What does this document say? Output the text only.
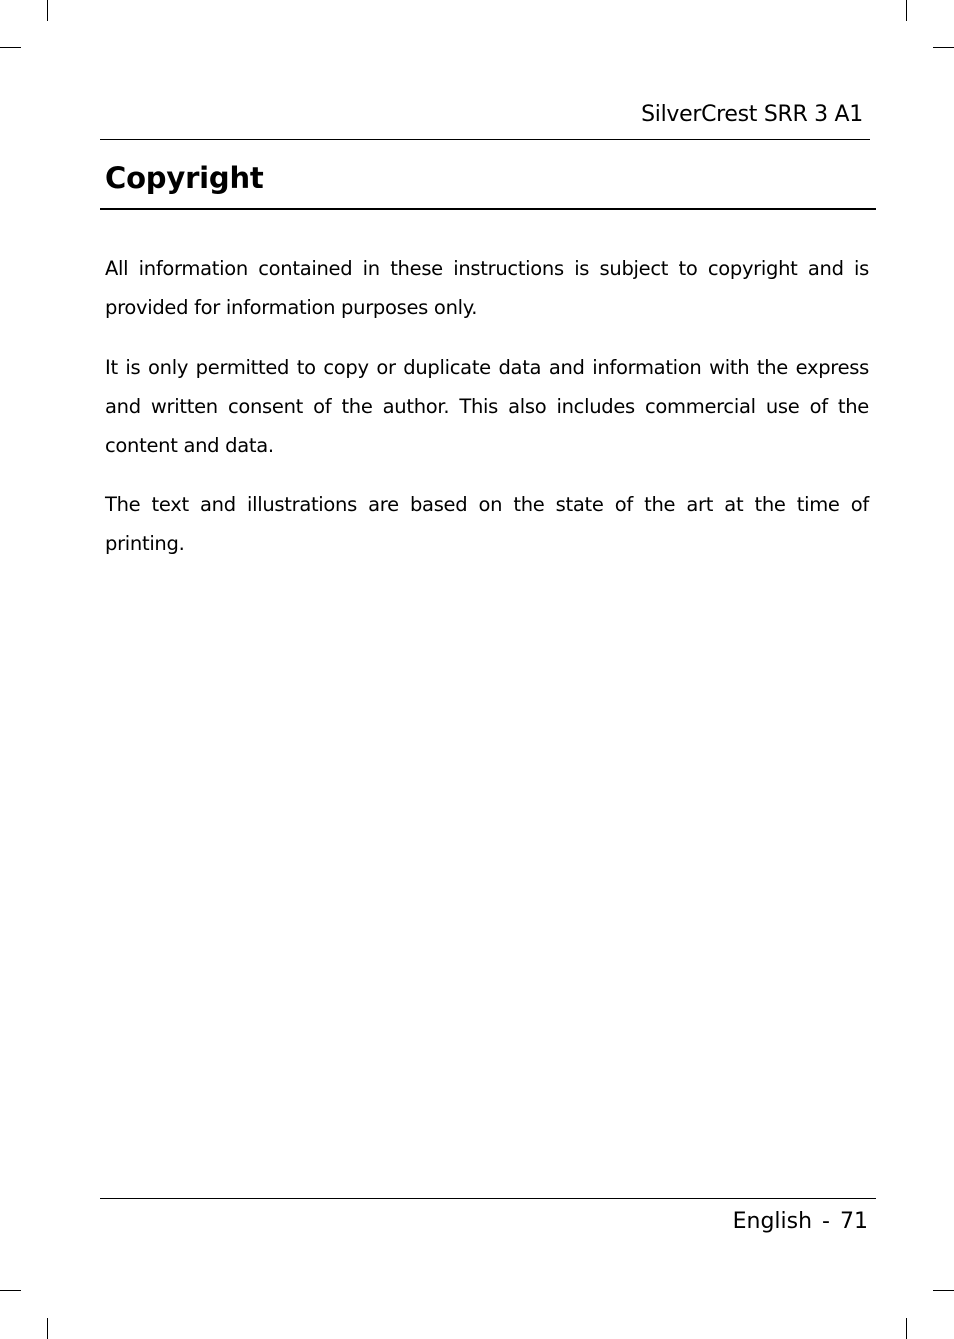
SilverCrest SRR 3 A1
Copyright

All information contained in these instructions is subject to copyright and is provided for information purposes only.

It is only permitted to copy or duplicate data and information with the express and written consent of the author. This also includes commercial use of the content and data.

The text and illustrations are based on the state of the art at the time of printing.

English - 71
